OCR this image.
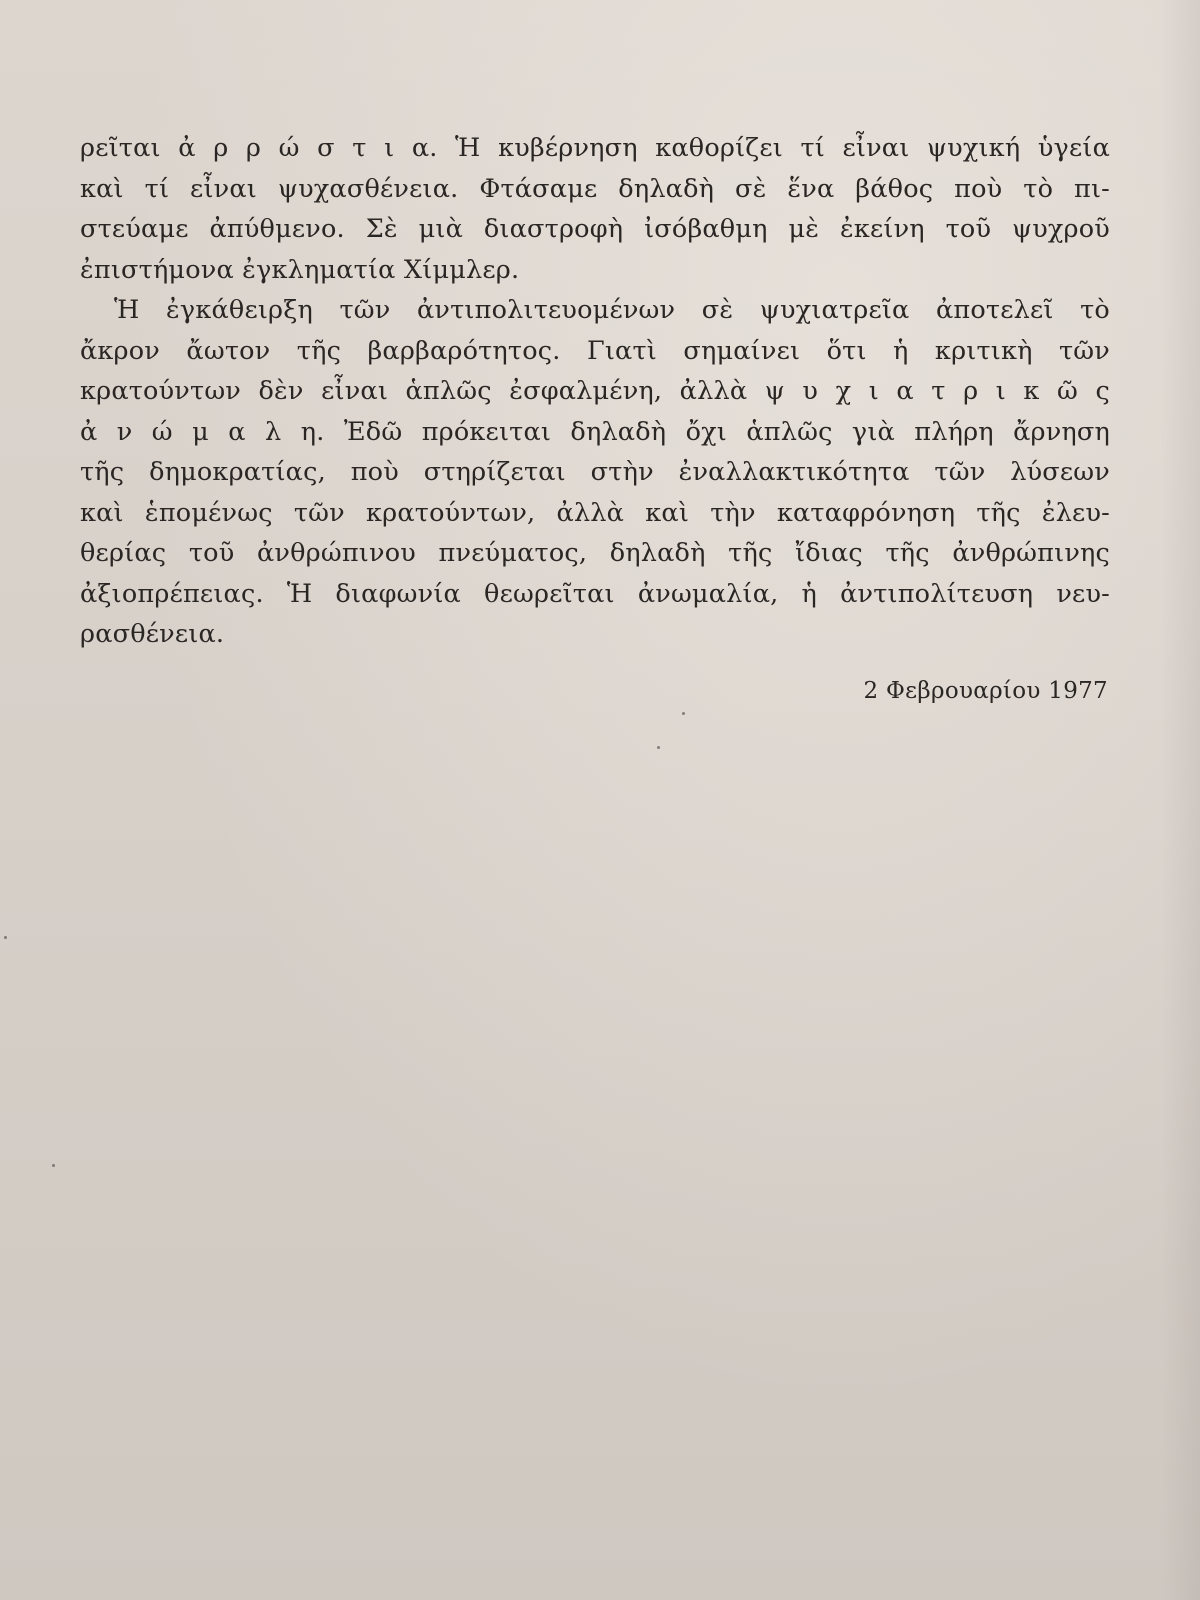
ρεῖται ἀ ρ ρ ώ σ τ ι α. Ἡ κυβέρνηση καθορίζει τί εἶναι ψυχική ὑγεία
καὶ τί εἶναι ψυχασθένεια. Φτάσαμε δηλαδὴ σὲ ἕνα βάθος ποὺ τὸ πι-
στεύαμε ἀπύθμενο. Σὲ μιὰ διαστροφὴ ἰσόβαθμη μὲ ἐκείνη τοῦ ψυχροῦ
ἐπιστήμονα ἐγκληματία Χίμμλερ.
Ἡ ἐγκάθειρξη τῶν ἀντιπολιτευομένων σὲ ψυχιατρεῖα ἀποτελεῖ τὸ
ἄκρον ἄωτον τῆς βαρβαρότητος. Γιατὶ σημαίνει ὅτι ἡ κριτικὴ τῶν
κρατούντων δὲν εἶναι ἁπλῶς ἐσφαλμένη, ἀλλὰ ψ υ χ ι α τ ρ ι κ ῶ ς
ἀ ν ώ μ α λ η. Ἐδῶ πρόκειται δηλαδὴ ὄχι ἁπλῶς γιὰ πλήρη ἄρνηση
τῆς δημοκρατίας, ποὺ στηρίζεται στὴν ἐναλλακτικότητα τῶν λύσεων
καὶ ἑπομένως τῶν κρατούντων, ἀλλὰ καὶ τὴν καταφρόνηση τῆς ἐλευ-
θερίας τοῦ ἀνθρώπινου πνεύματος, δηλαδὴ τῆς ἴδιας τῆς ἀνθρώπινης
ἀξιοπρέπειας. Ἡ διαφωνία θεωρεῖται ἀνωμαλία, ἡ ἀντιπολίτευση νευ-
ρασθένεια.
2 Φεβρουαρίου 1977
